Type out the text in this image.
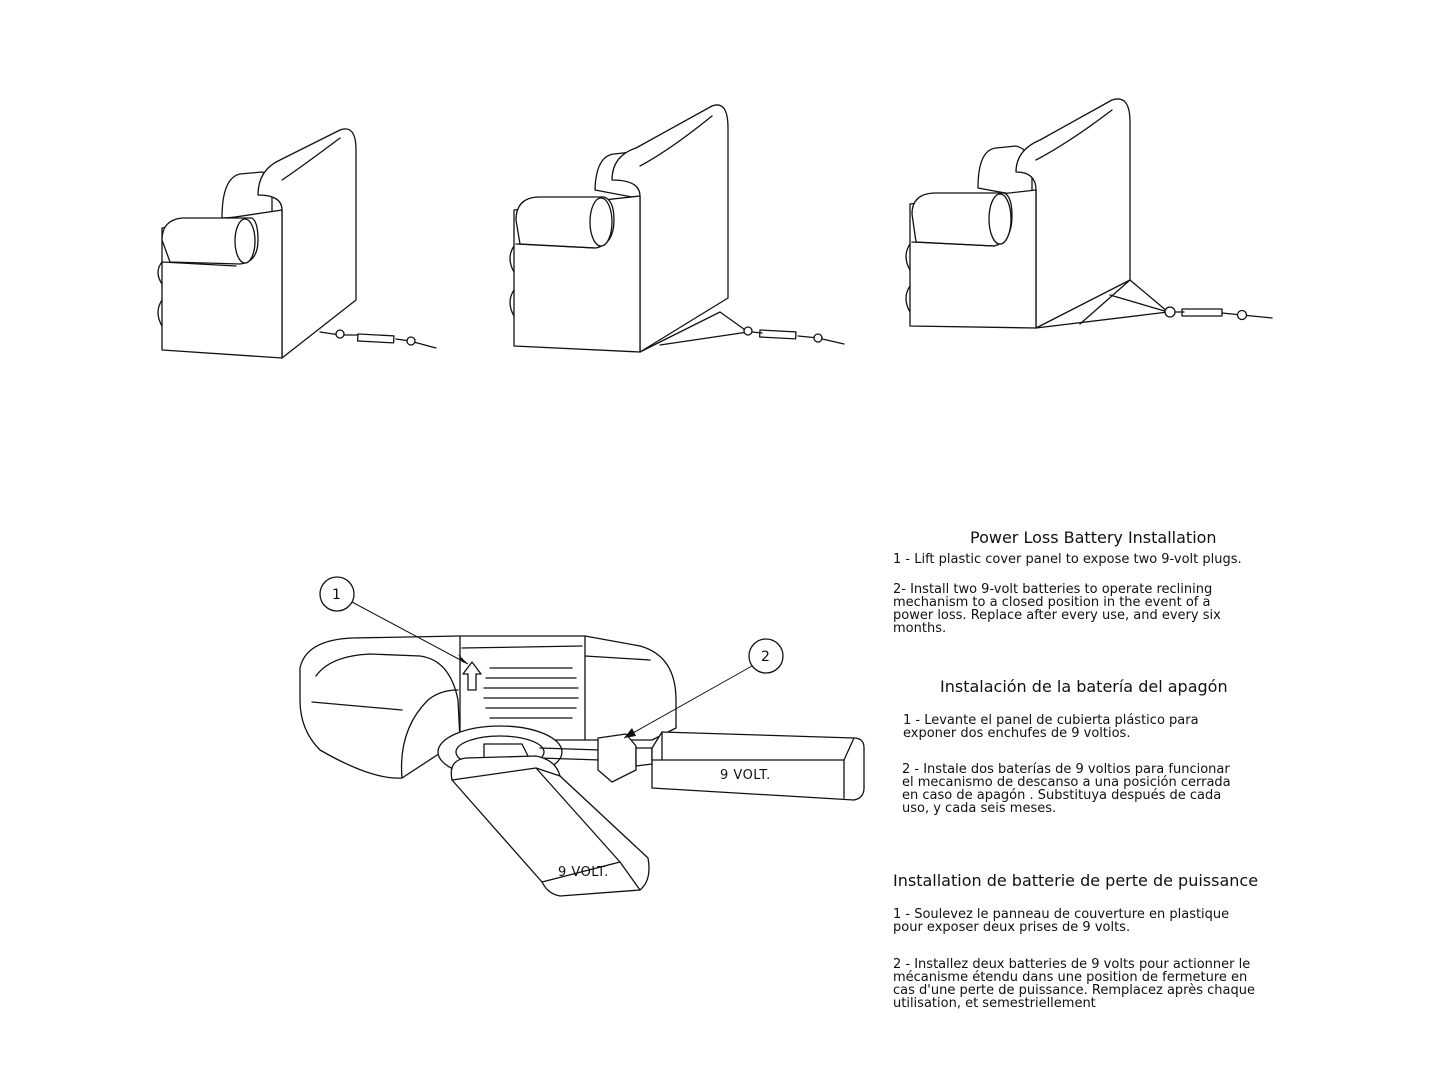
9 VOLT.
9 VOLT.
1
2
Power Loss Battery Installation

1 - Lift plastic cover panel to expose two 9-volt plugs.

2- Install two 9-volt batteries to operate reclining
mechanism to a closed position in the event of a
power loss. Replace after every use, and every six
months.

Instalación de la batería del apagón

1 - Levante el panel de cubierta plástico para
exponer dos enchufes de 9 voltios.

2 - Instale dos baterías de 9 voltios para funcionar
el mecanismo de descanso a una posición cerrada
en caso de apagón . Substituya después de cada
uso, y cada seis meses.

Installation de batterie de perte de puissance

1 - Soulevez le panneau de couverture en plastique
pour exposer deux prises de 9 volts.

2 - Installez deux batteries de 9 volts pour actionner le
mécanisme étendu dans une position de fermeture en
cas d'une perte de puissance. Remplacez après chaque
utilisation, et semestriellement
